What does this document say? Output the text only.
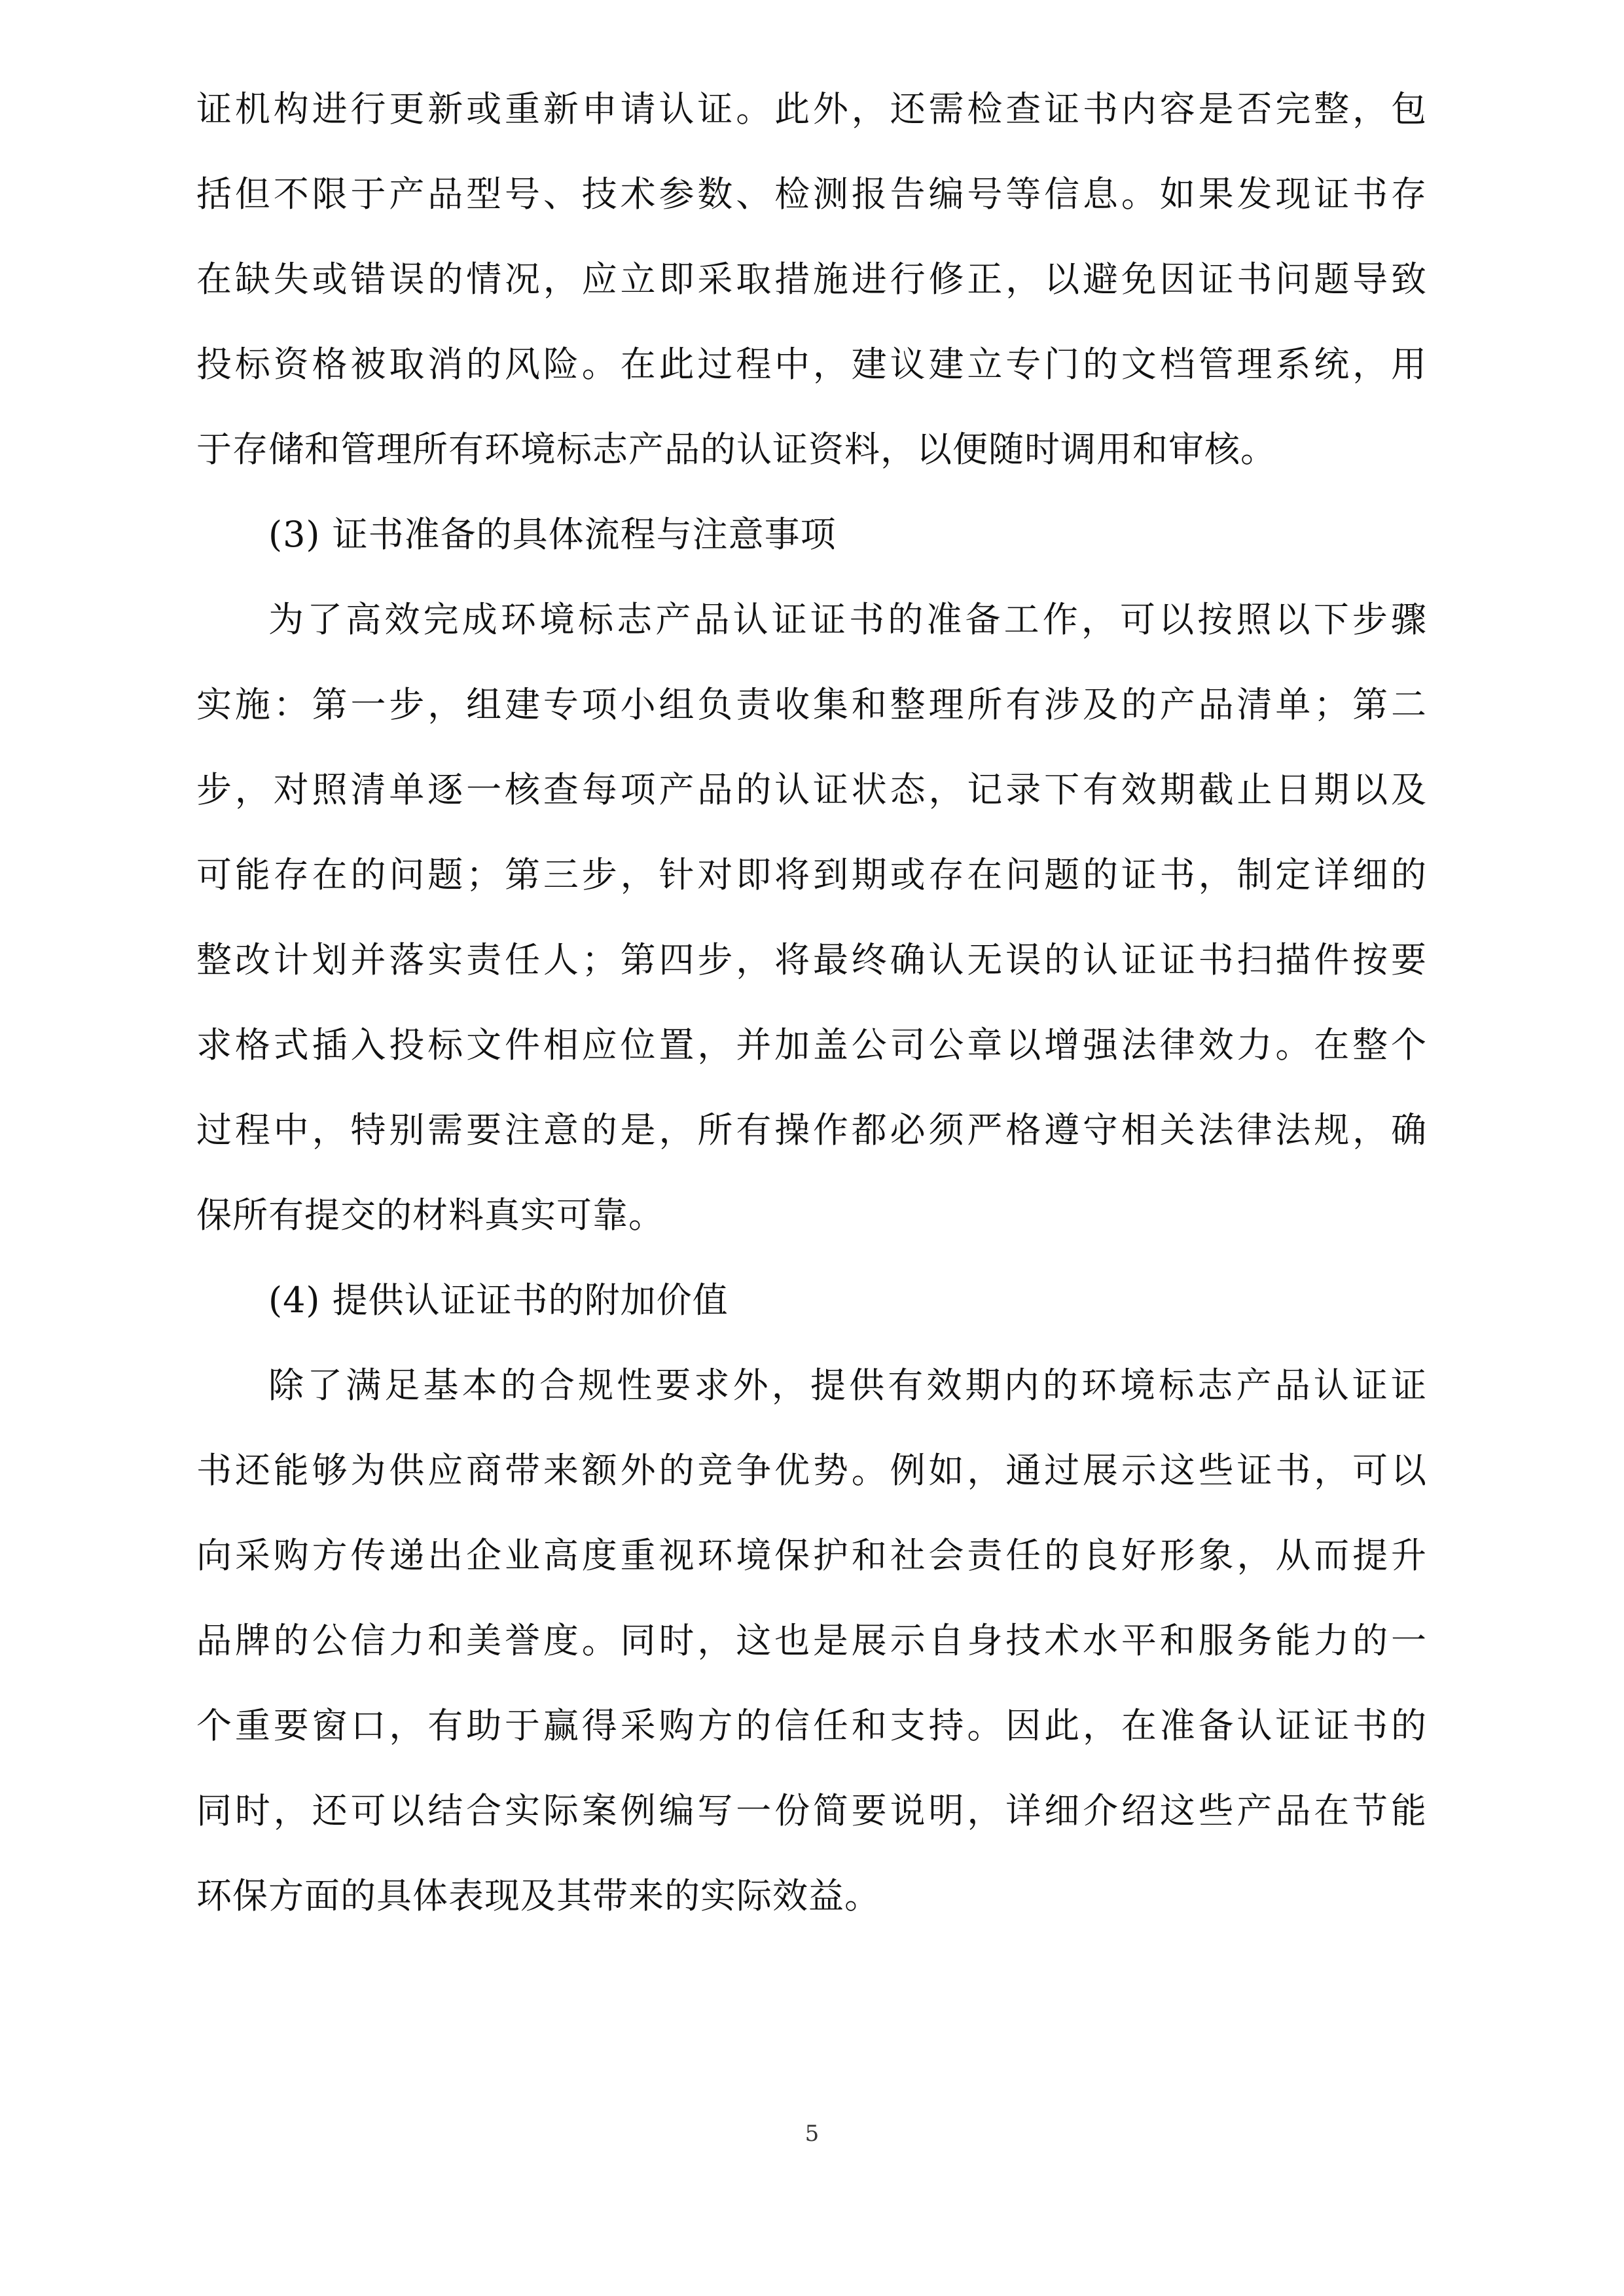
证机构进行更新或重新申请认证。此外，还需检查证书内容是否完整，包
括但不限于产品型号、技术参数、检测报告编号等信息。如果发现证书存
在缺失或错误的情况，应立即采取措施进行修正，以避免因证书问题导致
投标资格被取消的风险。在此过程中，建议建立专门的文档管理系统，用
于存储和管理所有环境标志产品的认证资料，以便随时调用和审核。
(3) 证书准备的具体流程与注意事项
为了高效完成环境标志产品认证证书的准备工作，可以按照以下步骤
实施：第一步，组建专项小组负责收集和整理所有涉及的产品清单；第二
步，对照清单逐一核查每项产品的认证状态，记录下有效期截止日期以及
可能存在的问题；第三步，针对即将到期或存在问题的证书，制定详细的
整改计划并落实责任人；第四步，将最终确认无误的认证证书扫描件按要
求格式插入投标文件相应位置，并加盖公司公章以增强法律效力。在整个
过程中，特别需要注意的是，所有操作都必须严格遵守相关法律法规，确
保所有提交的材料真实可靠。
(4) 提供认证证书的附加价值
除了满足基本的合规性要求外，提供有效期内的环境标志产品认证证
书还能够为供应商带来额外的竞争优势。例如，通过展示这些证书，可以
向采购方传递出企业高度重视环境保护和社会责任的良好形象，从而提升
品牌的公信力和美誉度。同时，这也是展示自身技术水平和服务能力的一
个重要窗口，有助于赢得采购方的信任和支持。因此，在准备认证证书的
同时，还可以结合实际案例编写一份简要说明，详细介绍这些产品在节能
环保方面的具体表现及其带来的实际效益。
5
